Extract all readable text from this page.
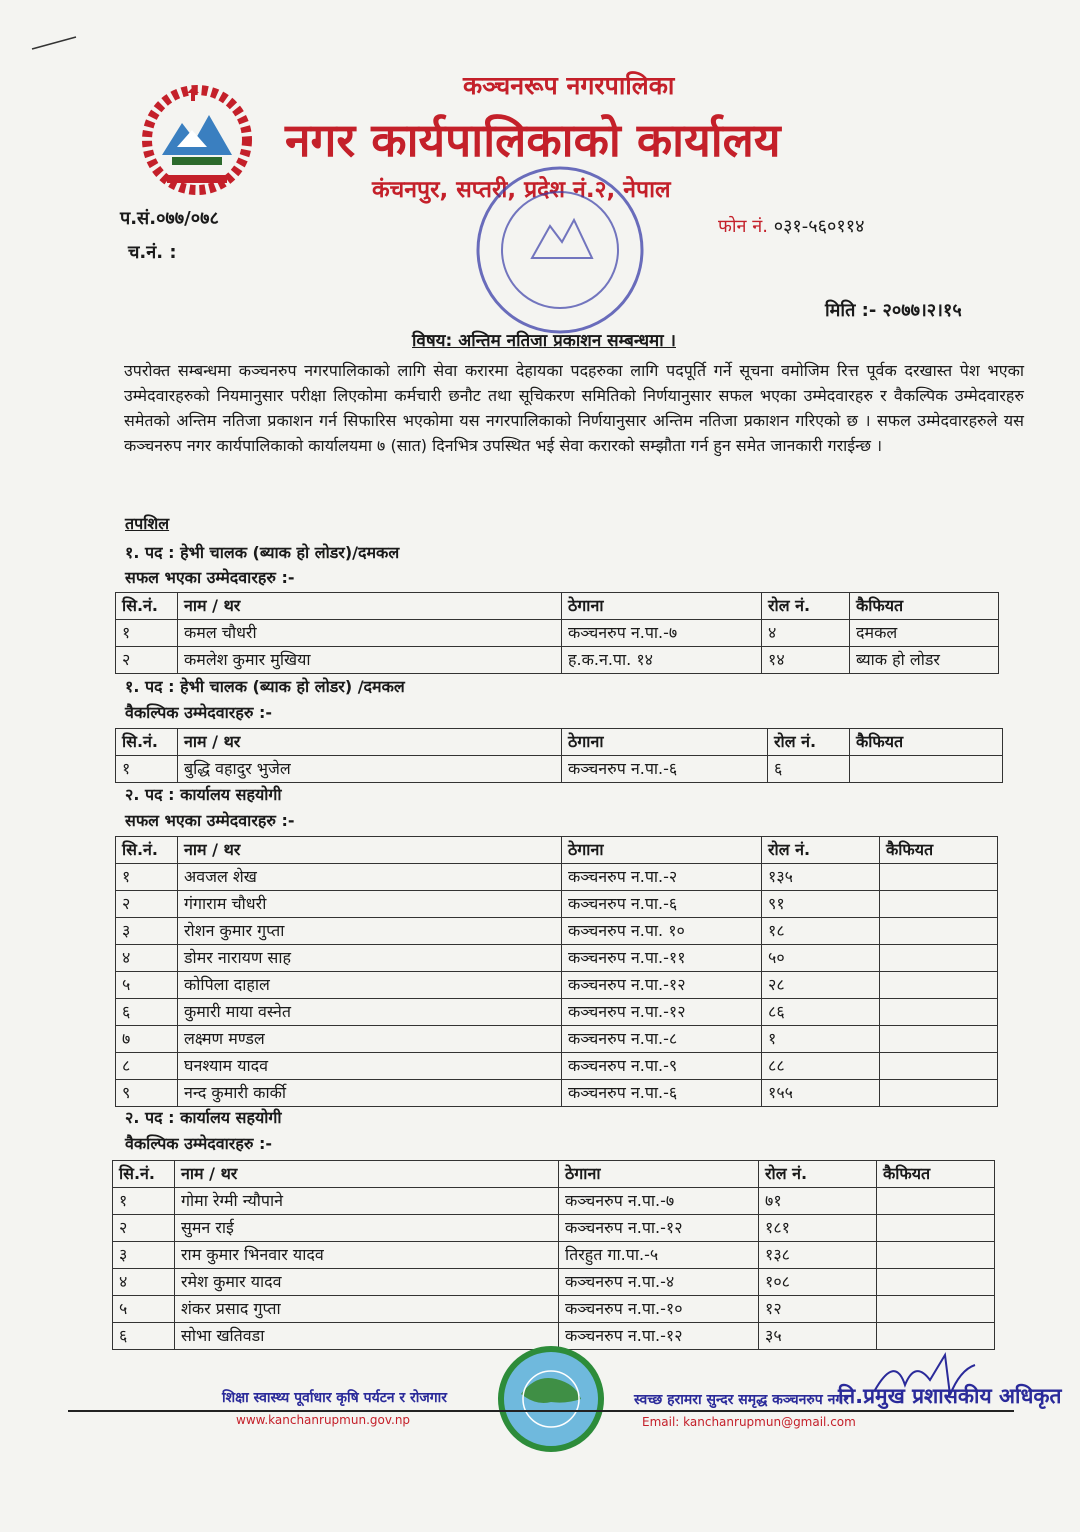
कञ्चनरूप नगरपालिका
नगर कार्यपालिकाको कार्यालय
कंचनपुर, सप्तरी, प्रदेश नं.२, नेपाल
प.सं.०७७/०७८
च.नं. :
फोन नं. ०३१-५६०११४
मिति :- २०७७।२।१५
विषय: अन्तिम नतिजा प्रकाशन सम्बन्धमा ।
उपरोक्त सम्बन्धमा कञ्चनरुप नगरपालिकाको लागि सेवा करारमा देहायका पदहरुका लागि पदपूर्ति गर्ने सूचना वमोजिम रित्त पूर्वक दरखास्त पेश भएका उम्मेदवारहरुको नियमानुसार परीक्षा लिएकोमा कर्मचारी छनौट तथा सूचिकरण समितिको निर्णयानुसार सफल भएका उम्मेदवारहरु र वैकल्पिक उम्मेदवारहरु समेतको अन्तिम नतिजा प्रकाशन गर्न सिफारिस भएकोमा यस नगरपालिकाको निर्णयानुसार अन्तिम नतिजा प्रकाशन गरिएको छ । सफल उम्मेदवारहरुले यस कञ्चनरुप नगर कार्यपालिकाको कार्यालयमा ७ (सात) दिनभित्र उपस्थित भई सेवा करारको सम्झौता गर्न हुन समेत जानकारी गराईन्छ ।
तपशिल
१. पद : हेभी चालक (ब्याक हो लोडर)/दमकल
सफल भएका उम्मेदवारहरु :-
सि.नं.	नाम / थर	ठेगाना	रोल नं.	कैफियत
१	कमल चौधरी	कञ्चनरुप न.पा.-७	४	दमकल
२	कमलेश कुमार मुखिया	ह.क.न.पा. १४	१४	ब्याक हो लोडर
१. पद : हेभी चालक (ब्याक हो लोडर) /दमकल
वैकल्पिक उम्मेदवारहरु :-
सि.नं.	नाम / थर	ठेगाना	रोल नं.	कैफियत
१	बुद्धि वहादुर भुजेल	कञ्चनरुप न.पा.-६	६	
२. पद : कार्यालय सहयोगी
सफल भएका उम्मेदवारहरु :-
सि.नं.	नाम / थर	ठेगाना	रोल नं.	कैफियत
१	अवजल शेख	कञ्चनरुप न.पा.-२	१३५	
२	गंगाराम चौधरी	कञ्चनरुप न.पा.-६	९१	
३	रोशन कुमार गुप्ता	कञ्चनरुप न.पा. १०	१८	
४	डोमर नारायण साह	कञ्चनरुप न.पा.-११	५०	
५	कोपिला दाहाल	कञ्चनरुप न.पा.-१२	२८	
६	कुमारी माया वस्नेत	कञ्चनरुप न.पा.-१२	८६	
७	लक्ष्मण मण्डल	कञ्चनरुप न.पा.-८	१	
८	घनश्याम यादव	कञ्चनरुप न.पा.-९	८८	
९	नन्द कुमारी कार्की	कञ्चनरुप न.पा.-६	१५५	
२. पद : कार्यालय सहयोगी
वैकल्पिक उम्मेदवारहरु :-
सि.नं.	नाम / थर	ठेगाना	रोल नं.	कैफियत
१	गोमा रेग्मी न्यौपाने	कञ्चनरुप न.पा.-७	७१	
२	सुमन राई	कञ्चनरुप न.पा.-१२	१८१	
३	राम कुमार भिनवार यादव	तिरहुत गा.पा.-५	१३८	
४	रमेश कुमार यादव	कञ्चनरुप न.पा.-४	१०८	
५	शंकर प्रसाद गुप्ता	कञ्चनरुप न.पा.-१०	१२	
६	सोभा खतिवडा	कञ्चनरुप न.पा.-१२	३५	
शिक्षा स्वास्थ्य पूर्वाधार कृषि पर्यटन र रोजगार
www.kanchanrupmun.gov.np
स्वच्छ हरामरा सुन्दर समृद्ध कञ्चनरुप नगर
Email: kanchanrupmun@gmail.com
नि.प्रमुख प्रशासकीय अधिकृत
